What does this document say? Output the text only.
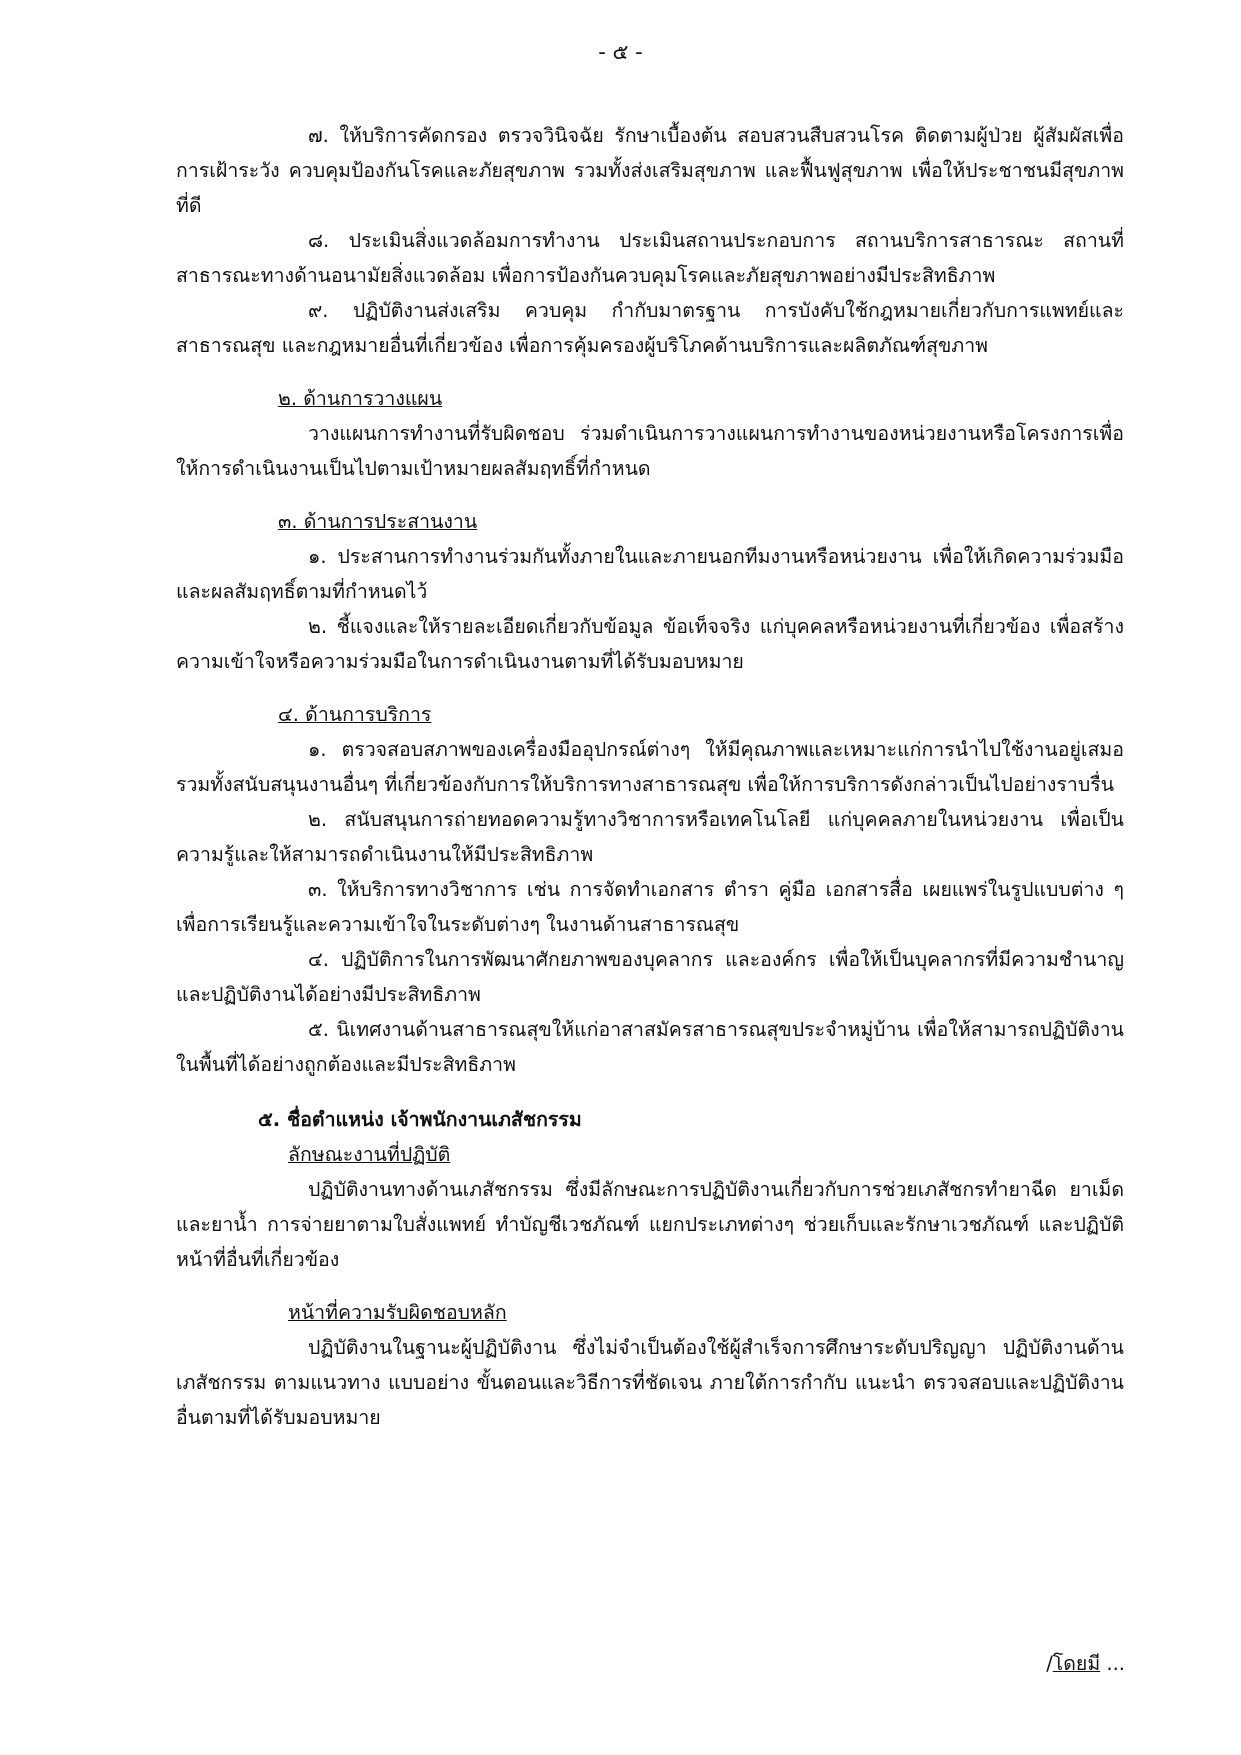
- ๕ -

๗. ให้บริการคัดกรอง ตรวจวินิจฉัย รักษาเบื้องต้น สอบสวนสืบสวนโรค ติดตามผู้ป่วย ผู้สัมผัสเพื่อการเฝ้าระวัง ควบคุมป้องกันโรคและภัยสุขภาพ รวมทั้งส่งเสริมสุขภาพ และฟื้นฟูสุขภาพ เพื่อให้ประชาชนมีสุขภาพที่ดี

๘. ประเมินสิ่งแวดล้อมการทำงาน ประเมินสถานประกอบการ สถานบริการสาธารณะ สถานที่สาธารณะทางด้านอนามัยสิ่งแวดล้อม เพื่อการป้องกันควบคุมโรคและภัยสุขภาพอย่างมีประสิทธิภาพ

๙. ปฏิบัติงานส่งเสริม ควบคุม กำกับมาตรฐาน การบังคับใช้กฎหมายเกี่ยวกับการแพทย์และสาธารณสุข และกฎหมายอื่นที่เกี่ยวข้อง เพื่อการคุ้มครองผู้บริโภคด้านบริการและผลิตภัณฑ์สุขภาพ

๒. ด้านการวางแผน

วางแผนการทำงานที่รับผิดชอบ ร่วมดำเนินการวางแผนการทำงานของหน่วยงานหรือโครงการเพื่อให้การดำเนินงานเป็นไปตามเป้าหมายผลสัมฤทธิ์ที่กำหนด

๓. ด้านการประสานงาน

๑. ประสานการทำงานร่วมกันทั้งภายในและภายนอกทีมงานหรือหน่วยงาน เพื่อให้เกิดความร่วมมือและผลสัมฤทธิ์ตามที่กำหนดไว้

๒. ชี้แจงและให้รายละเอียดเกี่ยวกับข้อมูล ข้อเท็จจริง แก่บุคคลหรือหน่วยงานที่เกี่ยวข้อง เพื่อสร้างความเข้าใจหรือความร่วมมือในการดำเนินงานตามที่ได้รับมอบหมาย

๔. ด้านการบริการ

๑. ตรวจสอบสภาพของเครื่องมืออุปกรณ์ต่างๆ ให้มีคุณภาพและเหมาะแก่การนำไปใช้งานอยู่เสมอ รวมทั้งสนับสนุนงานอื่นๆ ที่เกี่ยวข้องกับการให้บริการทางสาธารณสุข เพื่อให้การบริการดังกล่าวเป็นไปอย่างราบรื่น

๒. สนับสนุนการถ่ายทอดความรู้ทางวิชาการหรือเทคโนโลยี แก่บุคคลภายในหน่วยงาน เพื่อเป็นความรู้และให้สามารถดำเนินงานให้มีประสิทธิภาพ

๓. ให้บริการทางวิชาการ เช่น การจัดทำเอกสาร ตำรา คู่มือ เอกสารสื่อ เผยแพร่ในรูปแบบต่าง ๆ เพื่อการเรียนรู้และความเข้าใจในระดับต่างๆ ในงานด้านสาธารณสุข

๔. ปฏิบัติการในการพัฒนาศักยภาพของบุคลากร และองค์กร เพื่อให้เป็นบุคลากรที่มีความชำนาญ และปฏิบัติงานได้อย่างมีประสิทธิภาพ

๕. นิเทศงานด้านสาธารณสุขให้แก่อาสาสมัครสาธารณสุขประจำหมู่บ้าน เพื่อให้สามารถปฏิบัติงานในพื้นที่ได้อย่างถูกต้องและมีประสิทธิภาพ

๕. ชื่อตำแหน่ง เจ้าพนักงานเภสัชกรรม
ลักษณะงานที่ปฏิบัติ

ปฏิบัติงานทางด้านเภสัชกรรม ซึ่งมีลักษณะการปฏิบัติงานเกี่ยวกับการช่วยเภสัชกรทำยาฉีด ยาเม็ดและยาน้ำ การจ่ายยาตามใบสั่งแพทย์ ทำบัญชีเวชภัณฑ์ แยกประเภทต่างๆ ช่วยเก็บและรักษาเวชภัณฑ์ และปฏิบัติหน้าที่อื่นที่เกี่ยวข้อง

หน้าที่ความรับผิดชอบหลัก

ปฏิบัติงานในฐานะผู้ปฏิบัติงาน ซึ่งไม่จำเป็นต้องใช้ผู้สำเร็จการศึกษาระดับปริญญา ปฏิบัติงานด้านเภสัชกรรม ตามแนวทาง แบบอย่าง ขั้นตอนและวิธีการที่ชัดเจน ภายใต้การกำกับ แนะนำ ตรวจสอบและปฏิบัติงานอื่นตามที่ได้รับมอบหมาย

/โดยมี ...
